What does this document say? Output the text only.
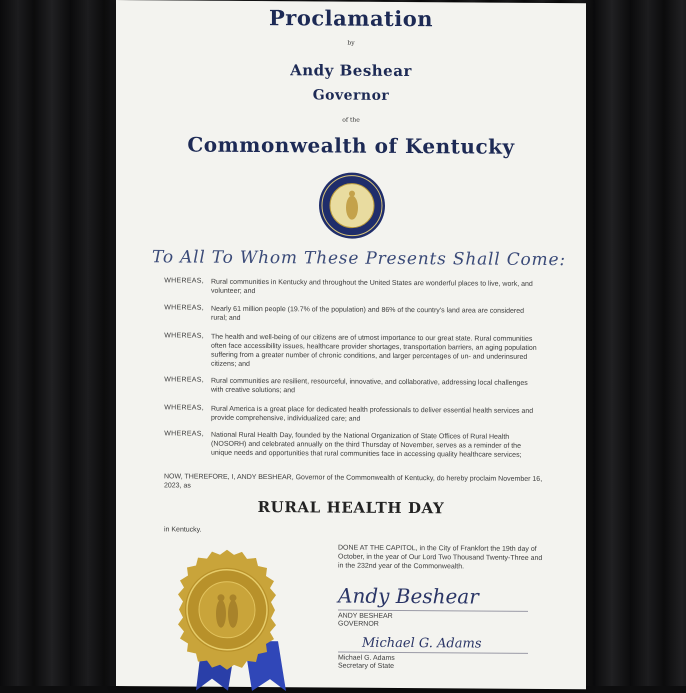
Proclamation
by
Andy Beshear
Governor
of the
Commonwealth of Kentucky
To All To Whom These Presents Shall Come:
WHEREAS, Rural communities in Kentucky and throughout the United States are wonderful places to live, work, and volunteer; and
WHEREAS, Nearly 61 million people (19.7% of the population) and 86% of the country's land area are considered rural; and
WHEREAS, The health and well-being of our citizens are of utmost importance to our great state. Rural communities often face accessibility issues, healthcare provider shortages, transportation barriers, an aging population suffering from a greater number of chronic conditions, and larger percentages of un- and underinsured citizens; and
WHEREAS, Rural communities are resilient, resourceful, innovative, and collaborative, addressing local challenges with creative solutions; and
WHEREAS, Rural America is a great place for dedicated health professionals to deliver essential health services and provide comprehensive, individualized care; and
WHEREAS, National Rural Health Day, founded by the National Organization of State Offices of Rural Health (NOSORH) and celebrated annually on the third Thursday of November, serves as a reminder of the unique needs and opportunities that rural communities face in accessing quality healthcare services;
NOW, THEREFORE, I, ANDY BESHEAR, Governor of the Commonwealth of Kentucky, do hereby proclaim November 16, 2023, as
RURAL HEALTH DAY
in Kentucky.
DONE AT THE CAPITOL, in the City of Frankfort the 19th day of October, in the year of Our Lord Two Thousand Twenty-Three and in the 232nd year of the Commonwealth.
Andy Beshear
ANDY BESHEAR
GOVERNOR
Michael G. Adams
Michael G. Adams
Secretary of State
